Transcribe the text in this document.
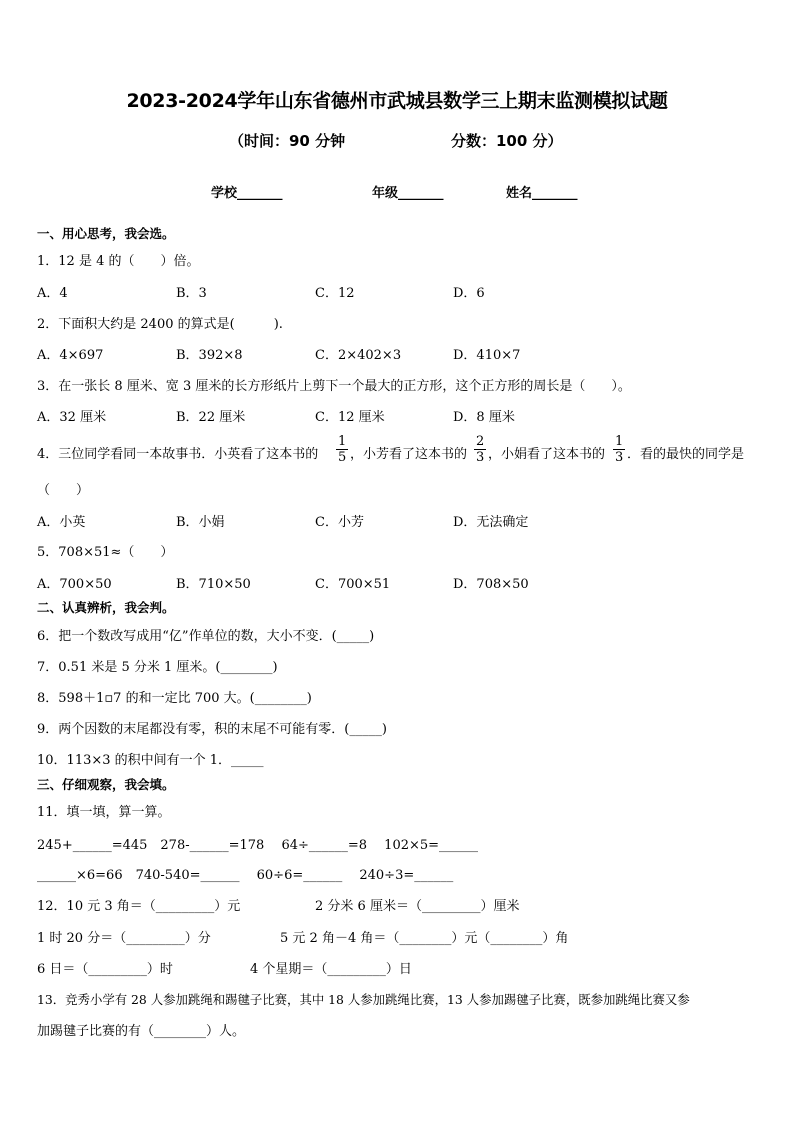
2023-2024学年山东省德州市武城县数学三上期末监测模拟试题
（时间：90 分钟	分数：100 分）
学校_______	年级_______	姓名_______
一、用心思考，我会选。
1．12 是 4 的（　　）倍。
A．4	B．3	C．12	D．6
2．下面积大约是 2400 的算式是(　　　).
A．4×697	B．392×8	C．2×402×3	D．410×7
3．在一张长 8 厘米、宽 3 厘米的长方形纸片上剪下一个最大的正方形，这个正方形的周长是（　　）。
A．32 厘米	B．22 厘米	C．12 厘米	D．8 厘米
4．三位同学看同一本故事书．小英看了这本书的 $\frac{1}{5}$ ，小芳看了这本书的 $\frac{2}{3}$ ，小娟看了这本书的 $\frac{1}{3}$ ．看的最快的同学是
（　　）
A．小英	B．小娟	C．小芳	D．无法确定
5．708×51≈（　　）
A．700×50	B．710×50	C．700×51	D．708×50
二、认真辨析，我会判。
6．把一个数改写成用“亿”作单位的数，大小不变．(_____)
7．0.51 米是 5 分米 1 厘米。(________)
8．598＋1▫7 的和一定比 700 大。(________)
9．两个因数的末尾都没有零，积的末尾不可能有零．(_____)
10．113×3 的积中间有一个 1．_____
三、仔细观察，我会填。
11．填一填，算一算。
245+______=445　278-______=178　 64÷______=8　 102×5=______
______×6=66　740-540=______　 60÷6=______　 240÷3=______
12．10 元 3 角＝（_________）元	2 分米 6 厘米＝（_________）厘米
1 时 20 分＝（_________）分	5 元 2 角－4 角＝（________）元（________）角
6 日＝（_________）时	4 个星期＝（_________）日
13．竞秀小学有 28 人参加跳绳和踢毽子比赛，其中 18 人参加跳绳比赛，13 人参加踢毽子比赛，既参加跳绳比赛又参
加踢毽子比赛的有（________）人。
